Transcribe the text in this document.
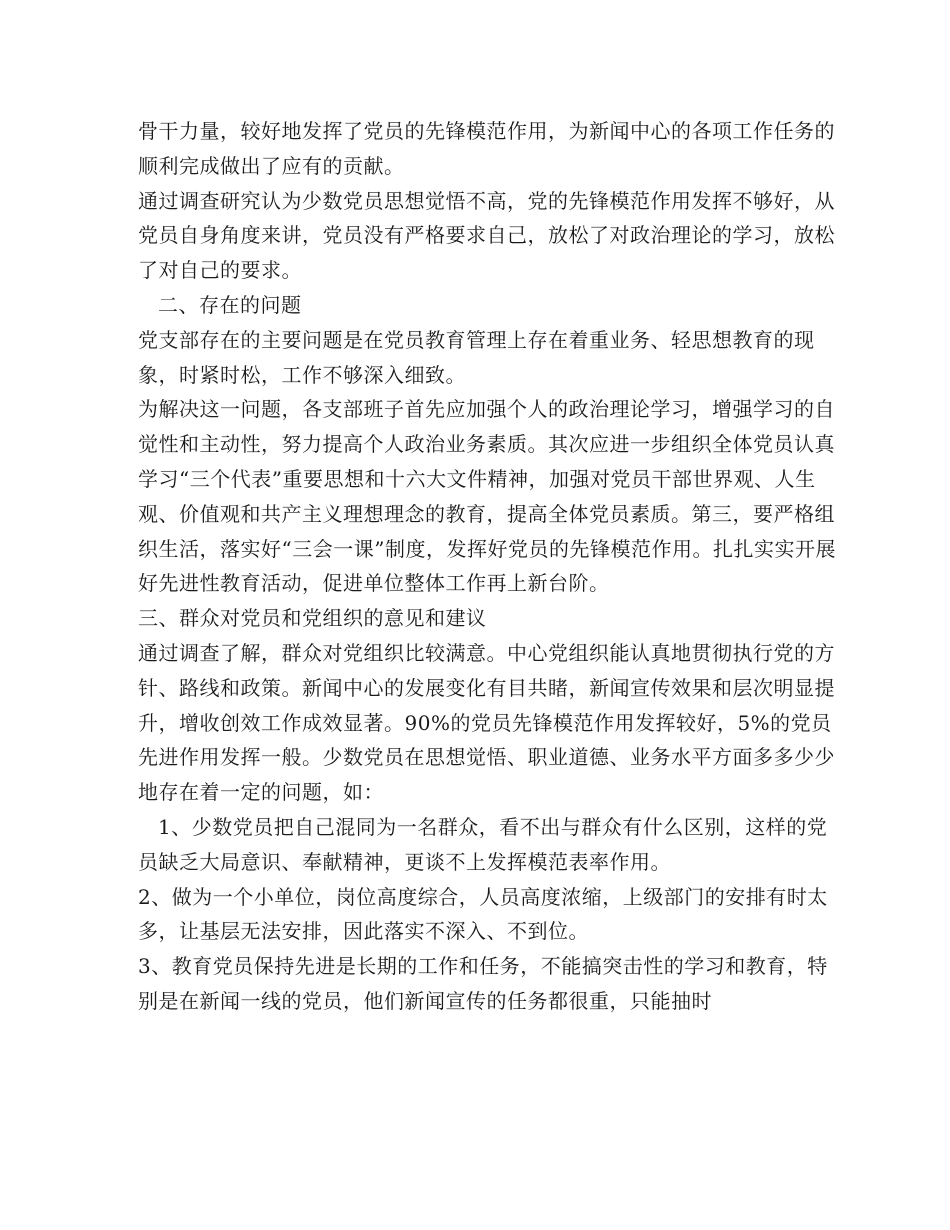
骨干力量，较好地发挥了党员的先锋模范作用，为新闻中心的各项工作任务的顺利完成做出了应有的贡献。

通过调查研究认为少数党员思想觉悟不高，党的先锋模范作用发挥不够好，从党员自身角度来讲，党员没有严格要求自己，放松了对政治理论的学习，放松了对自己的要求。

二、存在的问题

党支部存在的主要问题是在党员教育管理上存在着重业务、轻思想教育的现象，时紧时松，工作不够深入细致。

为解决这一问题，各支部班子首先应加强个人的政治理论学习，增强学习的自觉性和主动性，努力提高个人政治业务素质。其次应进一步组织全体党员认真学习“三个代表”重要思想和十六大文件精神，加强对党员干部世界观、人生观、价值观和共产主义理想理念的教育，提高全体党员素质。第三，要严格组织生活，落实好“三会一课”制度，发挥好党员的先锋模范作用。扎扎实实开展好先进性教育活动，促进单位整体工作再上新台阶。

三、群众对党员和党组织的意见和建议

通过调查了解，群众对党组织比较满意。中心党组织能认真地贯彻执行党的方针、路线和政策。新闻中心的发展变化有目共睹，新闻宣传效果和层次明显提升，增收创效工作成效显著。90%的党员先锋模范作用发挥较好，5%的党员先进作用发挥一般。少数党员在思想觉悟、职业道德、业务水平方面多多少少地存在着一定的问题，如：

1、少数党员把自己混同为一名群众，看不出与群众有什么区别，这样的党员缺乏大局意识、奉献精神，更谈不上发挥模范表率作用。

2、做为一个小单位，岗位高度综合，人员高度浓缩，上级部门的安排有时太多，让基层无法安排，因此落实不深入、不到位。

3、教育党员保持先进是长期的工作和任务，不能搞突击性的学习和教育，特别是在新闻一线的党员，他们新闻宣传的任务都很重，只能抽时
